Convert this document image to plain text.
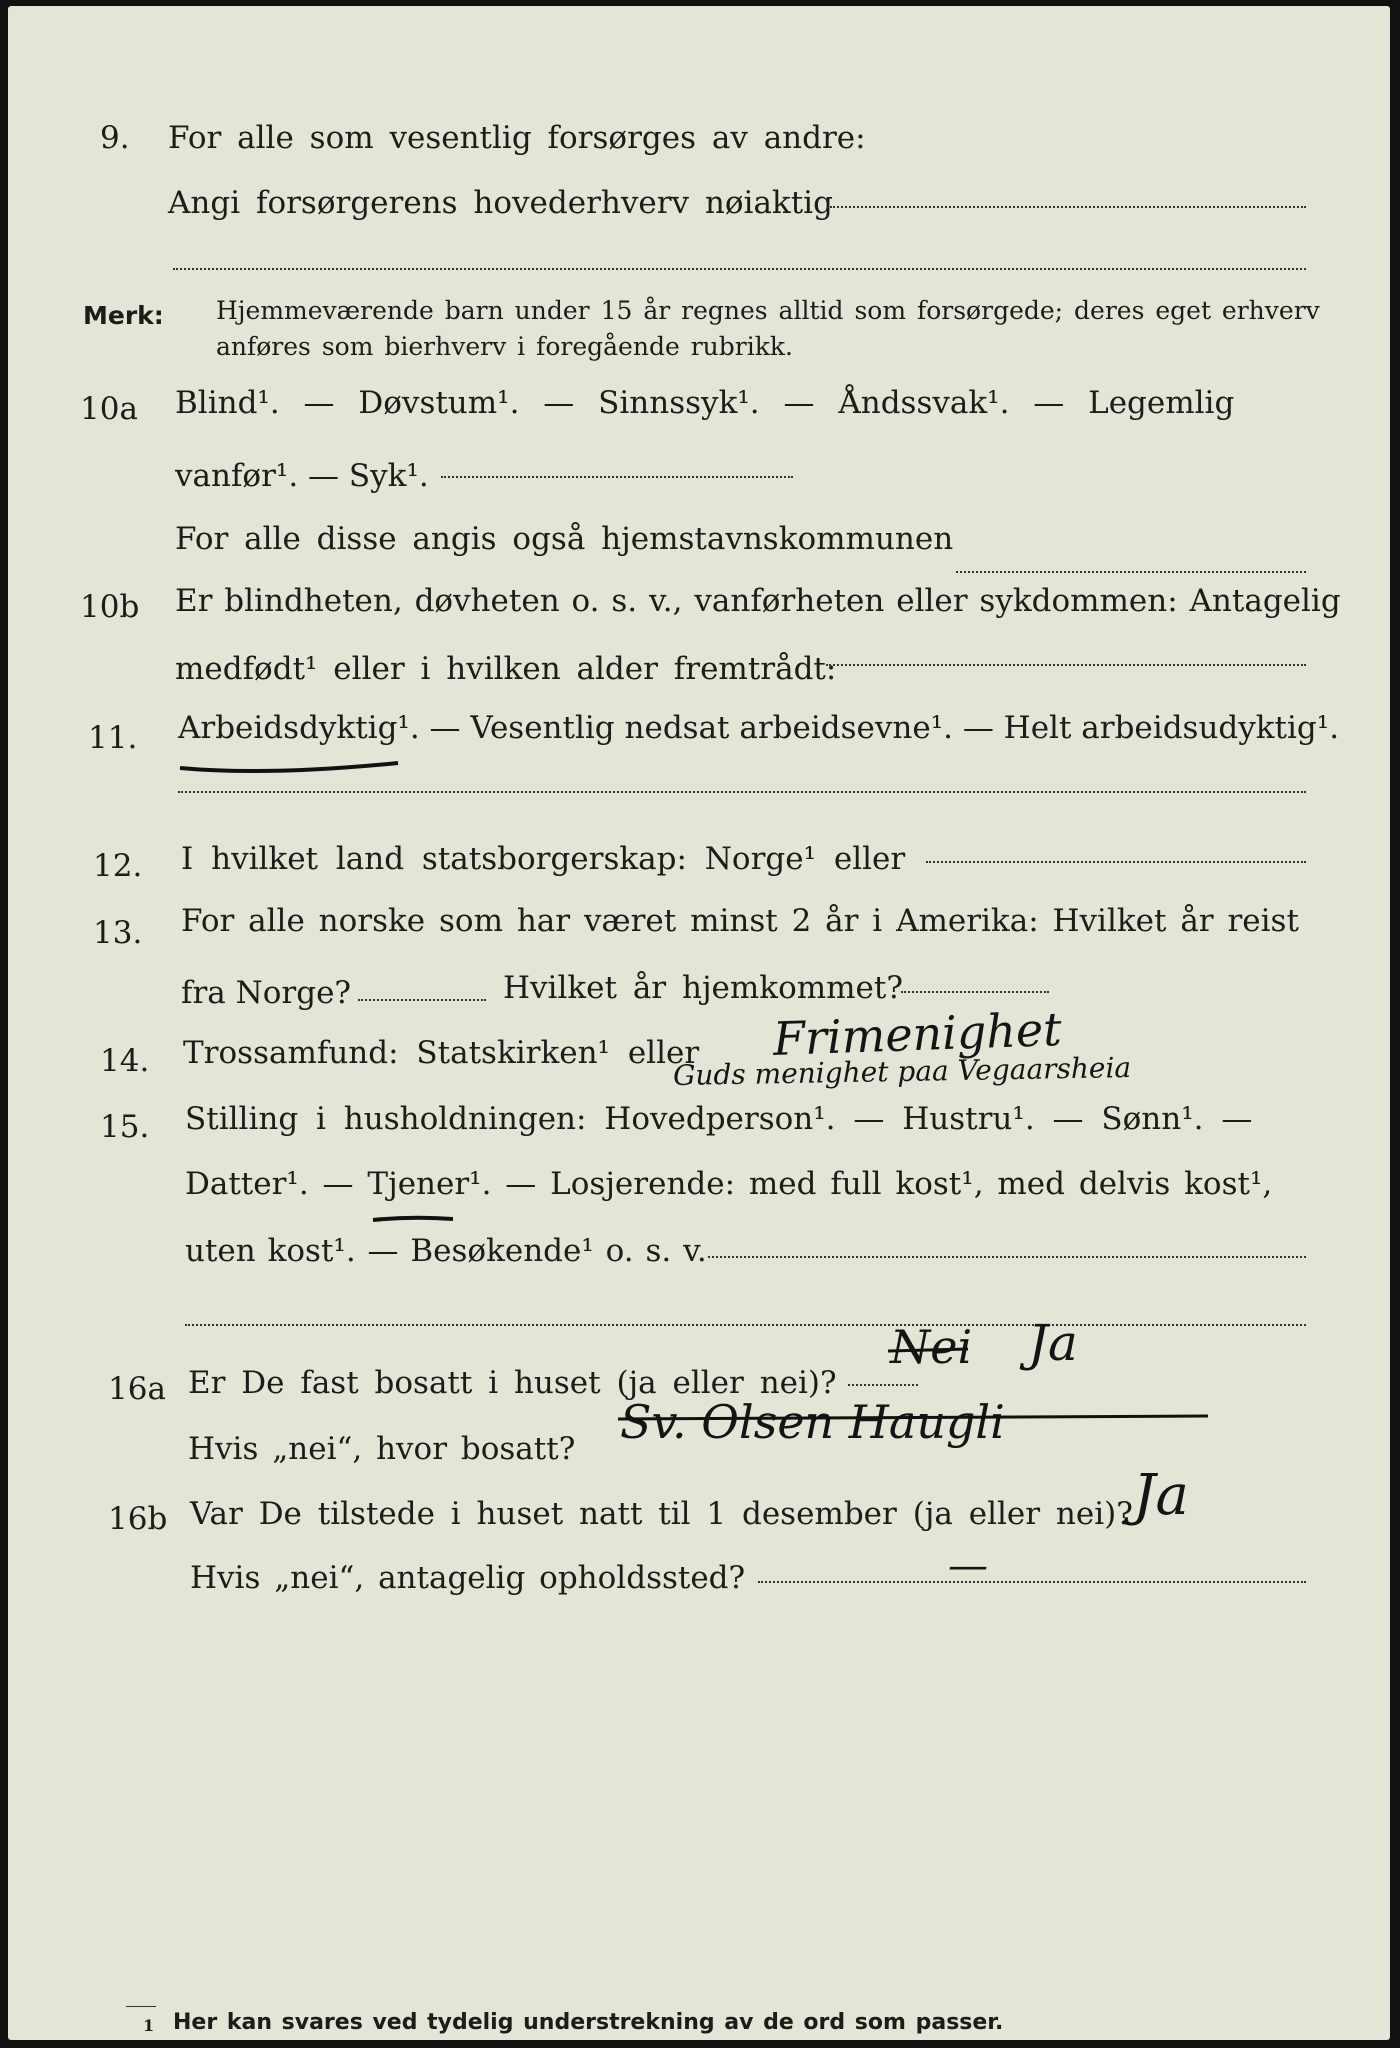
9. For alle som vesentlig forsørges av andre:
Angi forsørgerens hovederhverv nøiaktig
Merk: Hjemmeværende barn under 15 år regnes alltid som forsørgede; deres eget erhverv
anføres som bierhverv i foregående rubrikk.
10a Blind¹. — Døvstum¹. — Sinnssyk¹. — Åndssvak¹. — Legemlig
vanfør¹. — Syk¹.
For alle disse angis også hjemstavnskommunen
10b Er blindheten, døvheten o. s. v., vanførheten eller sykdommen: Antagelig
medfødt¹ eller i hvilken alder fremtrådt:
11. Arbeidsdyktig¹. — Vesentlig nedsat arbeidsevne¹. — Helt arbeidsudyktig¹.
12. I hvilket land statsborgerskap: Norge¹ eller
13. For alle norske som har været minst 2 år i Amerika: Hvilket år reist
fra Norge?	Hvilket år hjemkommet?
14. Trossamfund: Statskirken¹ eller Frimenighet
Guds menighet paa Vegaarsheia
15. Stilling i husholdningen: Hovedperson¹. — Hustru¹. — Sønn¹. —
Datter¹. — Tjener¹. — Losjerende: med full kost¹, med delvis kost¹,
uten kost¹. — Besøkende¹ o. s. v.
16a Er De fast bosatt i huset (ja eller nei)?
Nei Ja
Hvis „nei“, hvor bosatt? Sv. Olsen Haugli
16b Var De tilstede i huset natt til 1 desember (ja eller nei)? Ja
Hvis „nei“, antagelig opholdssted?	—
1 Her kan svares ved tydelig understrekning av de ord som passer.
